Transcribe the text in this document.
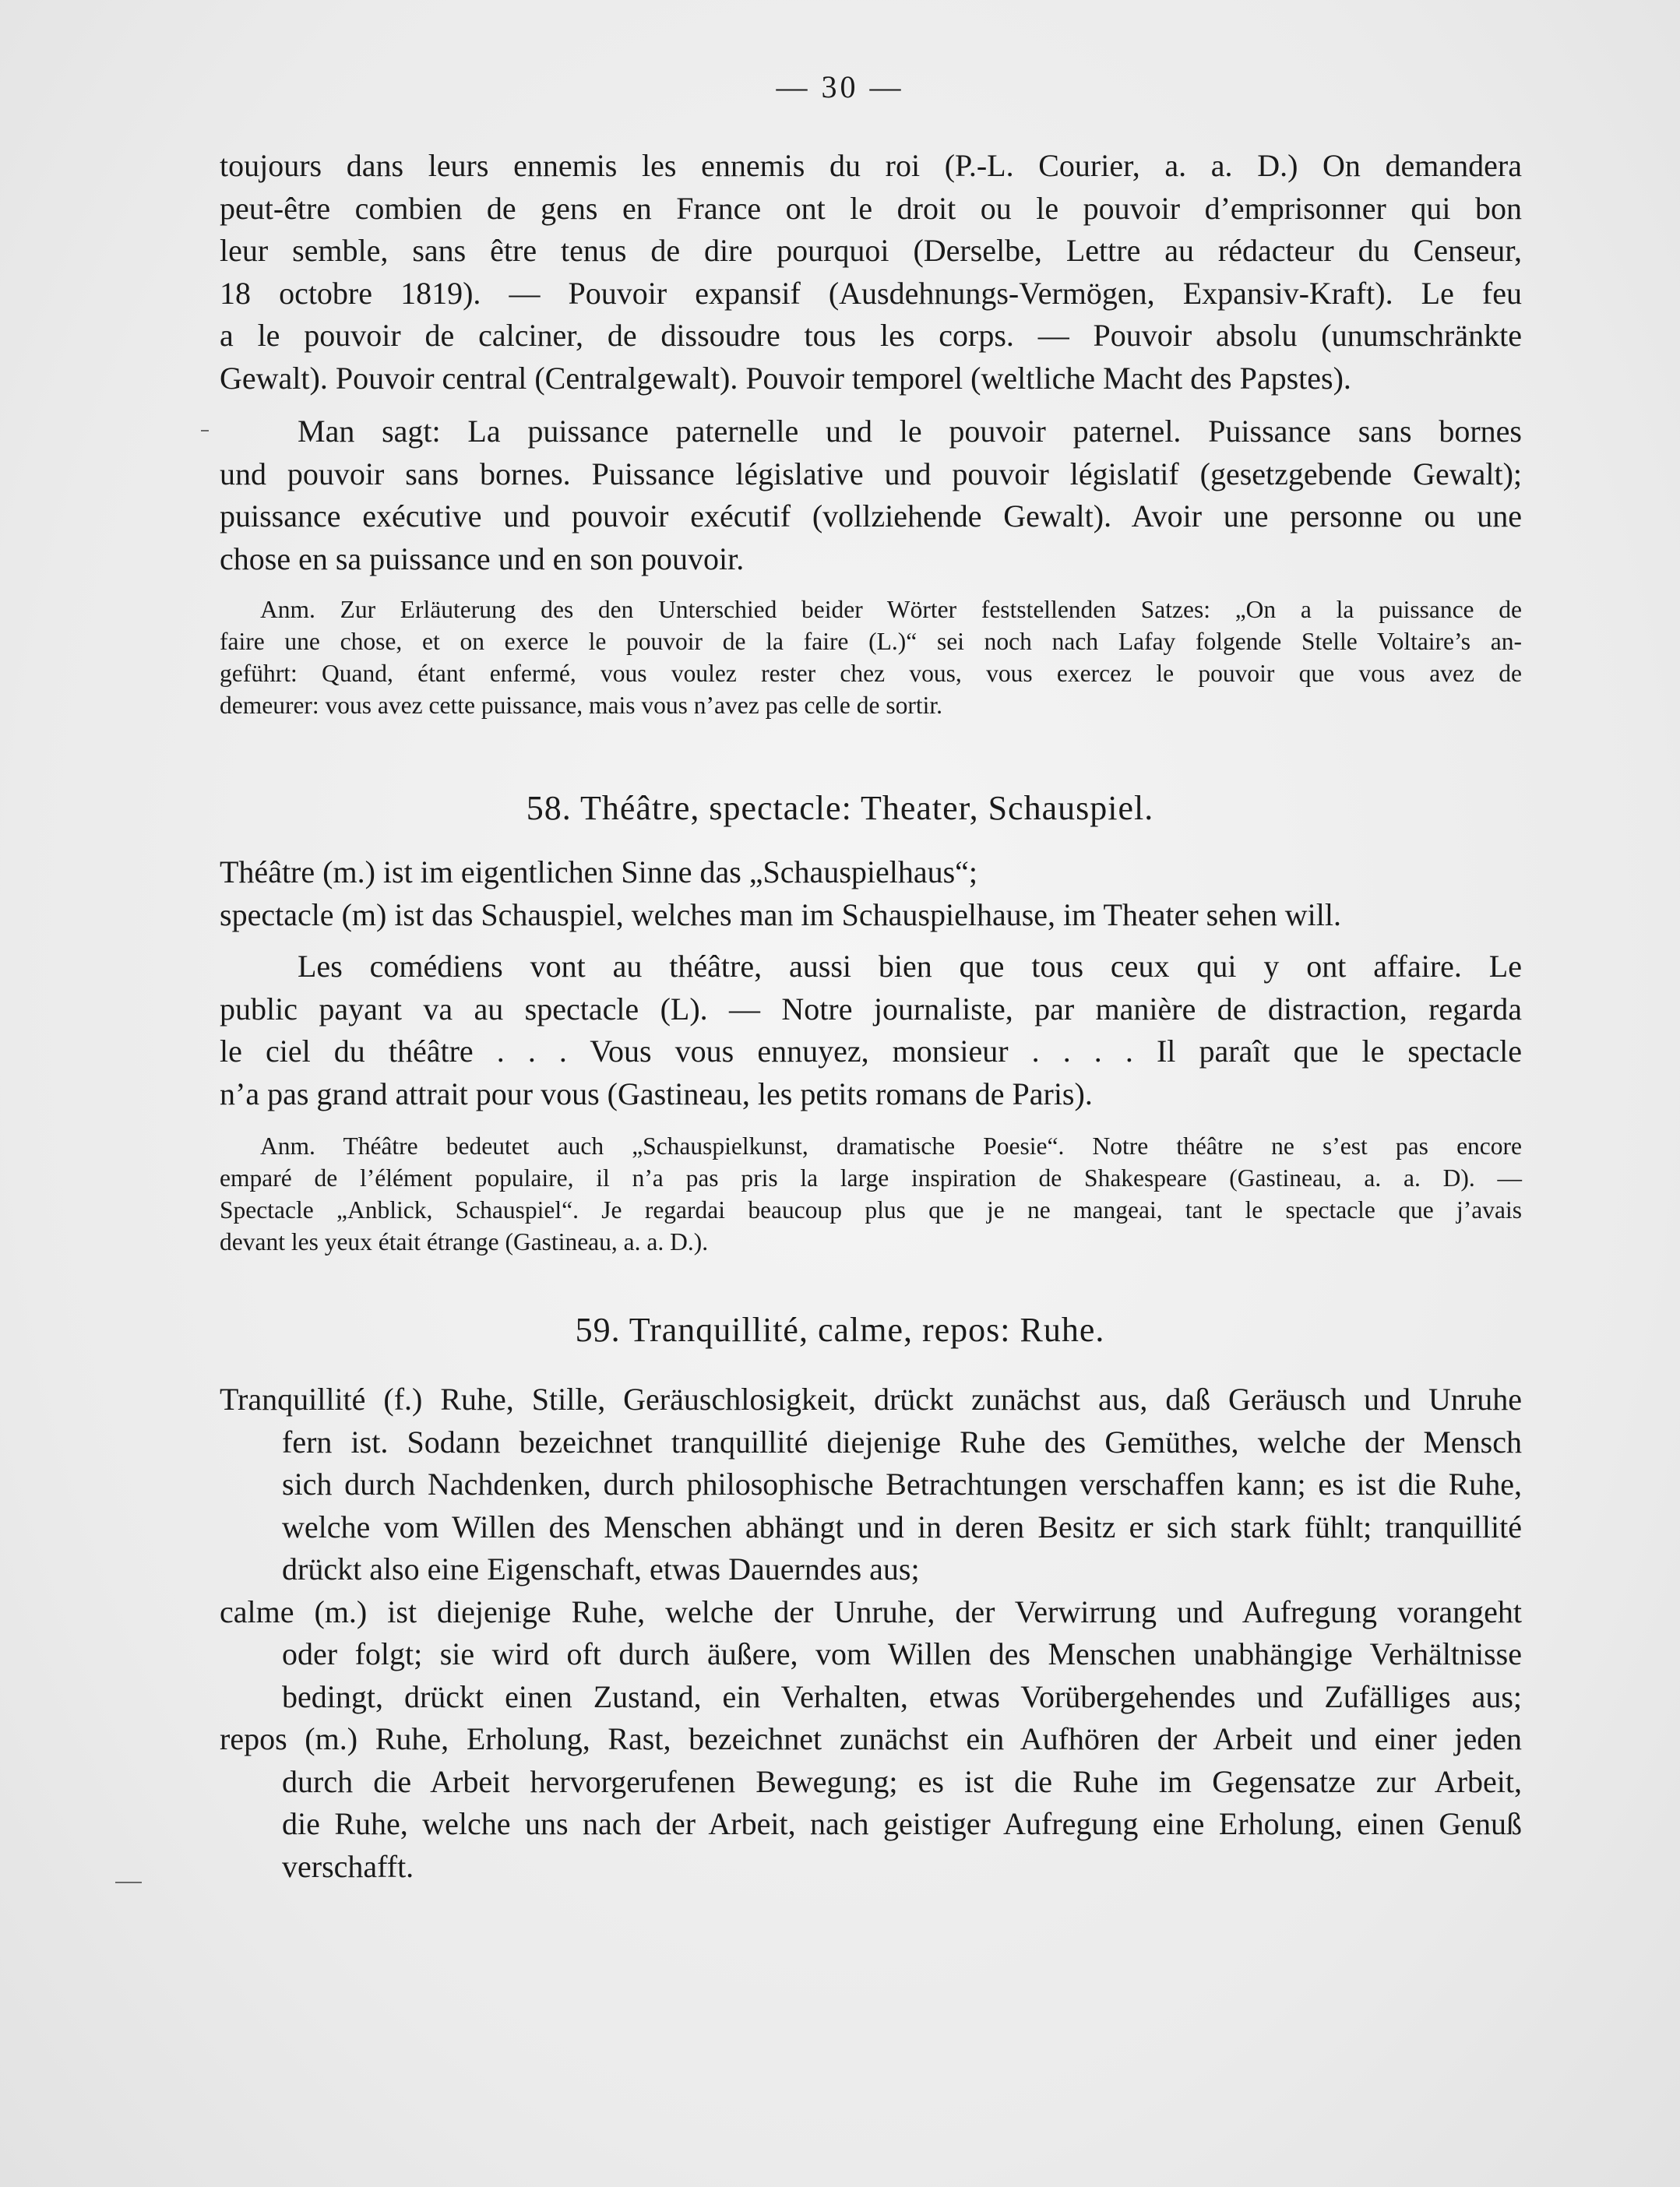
— 30 —

toujours dans leurs ennemis les ennemis du roi (P.-L. Courier, a. a. D.) On demandera

peut-être combien de gens en France ont le droit ou le pouvoir d’emprisonner qui bon

leur semble, sans être tenus de dire pourquoi (Derselbe, Lettre au rédacteur du Censeur,

18 octobre 1819). — Pouvoir expansif (Ausdehnungs-Vermögen, Expansiv-Kraft). Le feu

a le pouvoir de calciner, de dissoudre tous les corps. — Pouvoir absolu (unumschränkte

Gewalt). Pouvoir central (Centralgewalt). Pouvoir temporel (weltliche Macht des Papstes).

Man sagt: La puissance paternelle und le pouvoir paternel. Puissance sans bornes

und pouvoir sans bornes. Puissance législative und pouvoir législatif (gesetzgebende Gewalt);

puissance exécutive und pouvoir exécutif (vollziehende Gewalt). Avoir une personne ou une

chose en sa puissance und en son pouvoir.

Anm. Zur Erläuterung des den Unterschied beider Wörter feststellenden Satzes: „On a la puissance de

faire une chose, et on exerce le pouvoir de la faire (L.)“ sei noch nach Lafay folgende Stelle Voltaire’s an-

geführt: Quand, étant enfermé, vous voulez rester chez vous, vous exercez le pouvoir que vous avez de

demeurer: vous avez cette puissance, mais vous n’avez pas celle de sortir.

58. Théâtre, spectacle: Theater, Schauspiel.

Théâtre (m.) ist im eigentlichen Sinne das „Schauspielhaus“;

spectacle (m) ist das Schauspiel, welches man im Schauspielhause, im Theater sehen will.

Les comédiens vont au théâtre, aussi bien que tous ceux qui y ont affaire. Le

public payant va au spectacle (L). — Notre journaliste, par manière de distraction, regarda

le ciel du théâtre . . . Vous vous ennuyez, monsieur . . . . Il paraît que le spectacle

n’a pas grand attrait pour vous (Gastineau, les petits romans de Paris).

Anm. Théâtre bedeutet auch „Schauspielkunst, dramatische Poesie“. Notre théâtre ne s’est pas encore

emparé de l’élément populaire, il n’a pas pris la large inspiration de Shakespeare (Gastineau, a. a. D). —

Spectacle „Anblick, Schauspiel“. Je regardai beaucoup plus que je ne mangeai, tant le spectacle que j’avais

devant les yeux était étrange (Gastineau, a. a. D.).

59. Tranquillité, calme, repos: Ruhe.

Tranquillité (f.) Ruhe, Stille, Geräuschlosigkeit, drückt zunächst aus, daß Geräusch und Unruhe

fern ist. Sodann bezeichnet tranquillité diejenige Ruhe des Gemüthes, welche der Mensch

sich durch Nachdenken, durch philosophische Betrachtungen verschaffen kann; es ist die Ruhe,

welche vom Willen des Menschen abhängt und in deren Besitz er sich stark fühlt; tranquillité

drückt also eine Eigenschaft, etwas Dauerndes aus;

calme (m.) ist diejenige Ruhe, welche der Unruhe, der Verwirrung und Aufregung vorangeht

oder folgt; sie wird oft durch äußere, vom Willen des Menschen unabhängige Verhältnisse

bedingt, drückt einen Zustand, ein Verhalten, etwas Vorübergehendes und Zufälliges aus;

repos (m.) Ruhe, Erholung, Rast, bezeichnet zunächst ein Aufhören der Arbeit und einer jeden

durch die Arbeit hervorgerufenen Bewegung; es ist die Ruhe im Gegensatze zur Arbeit,

die Ruhe, welche uns nach der Arbeit, nach geistiger Aufregung eine Erholung, einen Genuß

verschafft.
